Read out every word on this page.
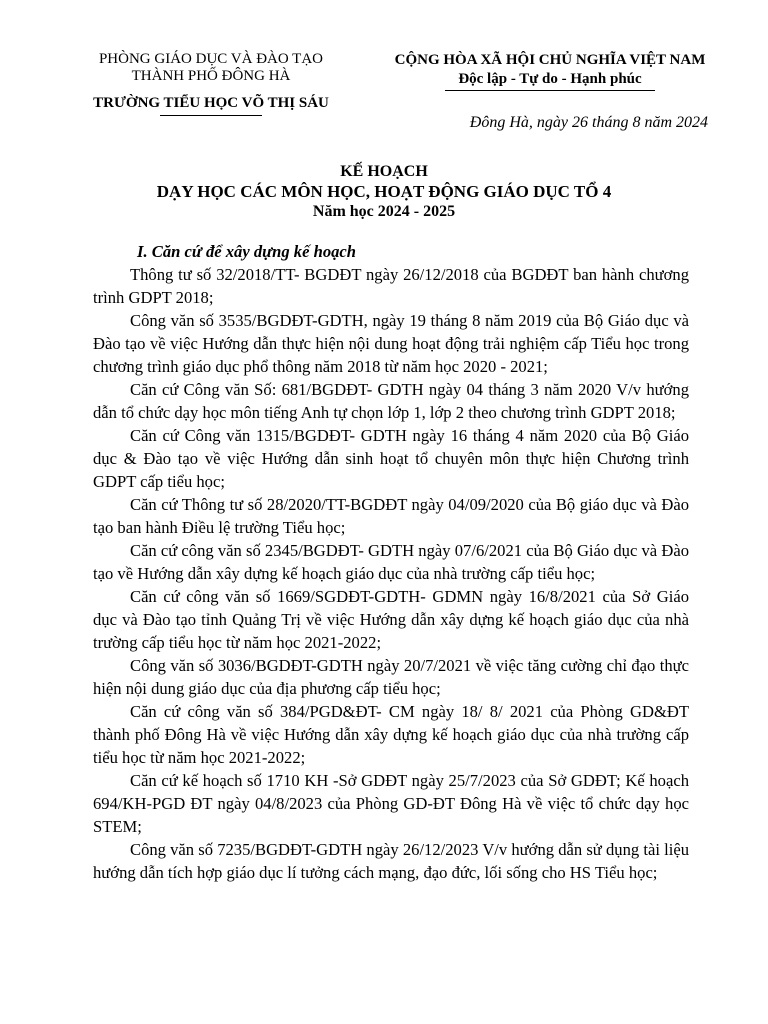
PHÒNG GIÁO DỤC VÀ ĐÀO TẠO
THÀNH PHỐ ĐÔNG HÀ
TRƯỜNG TIỂU HỌC VÕ THỊ SÁU
CỘNG HÒA XÃ HỘI CHỦ NGHĨA VIỆT NAM
Độc lập - Tự do - Hạnh phúc
Đông Hà, ngày 26 tháng 8 năm 2024
KẾ HOẠCH
DẠY HỌC CÁC MÔN HỌC, HOẠT ĐỘNG GIÁO DỤC TỔ 4
Năm học 2024 - 2025
I. Căn cứ để xây dựng kế hoạch

Thông tư số 32/2018/TT- BGDĐT ngày 26/12/2018 của BGDĐT ban hành chương trình GDPT 2018;

Công văn số 3535/BGDĐT-GDTH, ngày 19 tháng 8 năm 2019 của Bộ Giáo dục và Đào tạo về việc Hướng dẫn thực hiện nội dung hoạt động trải nghiệm cấp Tiểu học trong chương trình giáo dục phổ thông năm 2018 từ năm học 2020 - 2021;

Căn cứ Công văn Số: 681/BGDĐT- GDTH ngày 04 tháng 3 năm 2020 V/v hướng dẫn tổ chức dạy học môn tiếng Anh tự chọn lớp 1, lớp 2 theo chương trình GDPT 2018;

Căn cứ Công văn 1315/BGDĐT- GDTH ngày 16 tháng 4 năm 2020 của Bộ Giáo dục & Đào tạo về việc Hướng dẫn sinh hoạt tổ chuyên môn thực hiện Chương trình GDPT cấp tiểu học;

Căn cứ Thông tư số 28/2020/TT-BGDĐT ngày 04/09/2020 của Bộ giáo dục và Đào tạo ban hành Điều lệ trường Tiểu học;

Căn cứ công văn số 2345/BGDĐT- GDTH ngày 07/6/2021 của Bộ Giáo dục và Đào tạo về Hướng dẫn xây dựng kế hoạch giáo dục của nhà trường cấp tiểu học;

Căn cứ công văn số 1669/SGDĐT-GDTH- GDMN ngày 16/8/2021 của Sở Giáo dục và Đào tạo tỉnh Quảng Trị về việc Hướng dẫn xây dựng kế hoạch giáo dục của nhà trường cấp tiểu học từ năm học 2021-2022;

Công văn số 3036/BGDĐT-GDTH ngày 20/7/2021 về việc tăng cường chỉ đạo thực hiện nội dung giáo dục của địa phương cấp tiểu học;

Căn cứ công văn số 384/PGD&ĐT- CM ngày 18/ 8/ 2021 của Phòng GD&ĐT thành phố Đông Hà về việc Hướng dẫn xây dựng kế hoạch giáo dục của nhà trường cấp tiểu học từ năm học 2021-2022;

Căn cứ kế hoạch số 1710 KH -Sở GDĐT ngày 25/7/2023 của Sở GDĐT; Kế hoạch 694/KH-PGD ĐT ngày 04/8/2023 của Phòng GD-ĐT Đông Hà về việc tổ chức dạy học STEM;

Công văn số 7235/BGDĐT-GDTH ngày 26/12/2023 V/v hướng dẫn sử dụng tài liệu hướng dẫn tích hợp giáo dục lí tưởng cách mạng, đạo đức, lối sống cho HS Tiểu học;
